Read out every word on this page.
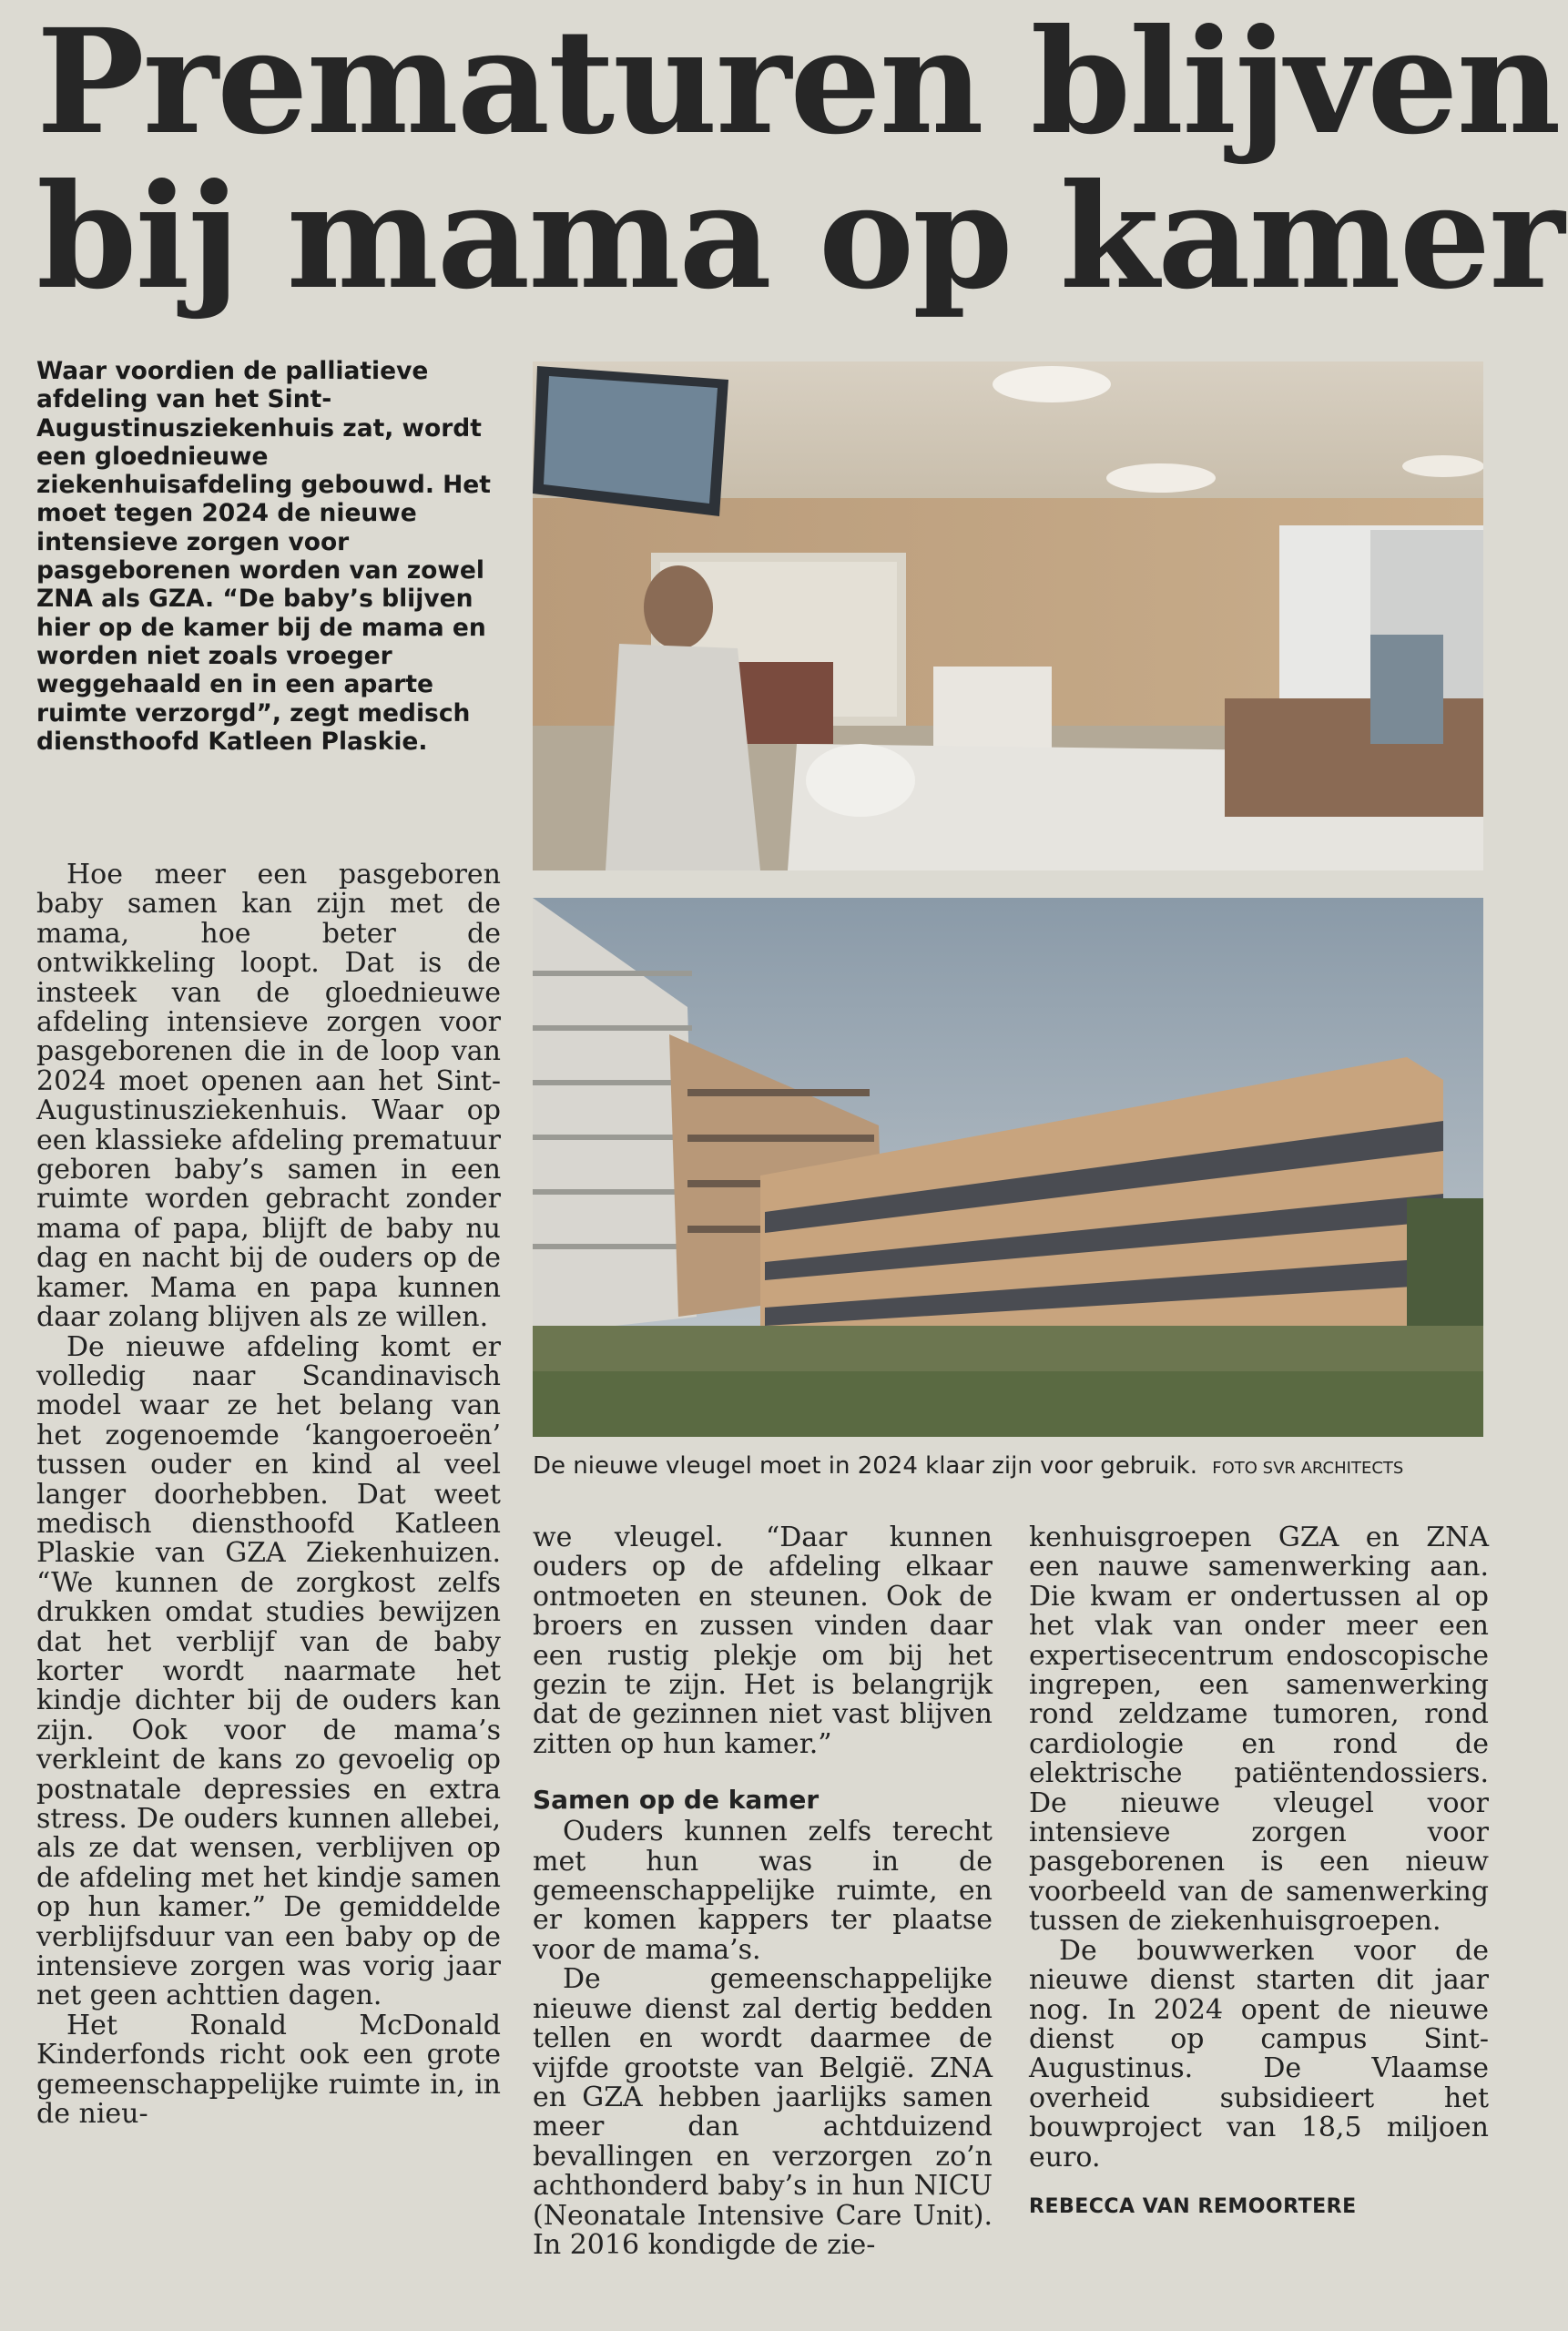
Prematuren blijven
bij mama op kamer

Waar voordien de palliatieve afdeling van het Sint-Augustinusziekenhuis zat, wordt een gloednieuwe ziekenhuisafdeling gebouwd. Het moet tegen 2024 de nieuwe intensieve zorgen voor pasgeborenen worden van zowel ZNA als GZA. “De baby’s blijven hier op de kamer bij de mama en worden niet zoals vroeger weggehaald en in een aparte ruimte verzorgd”, zegt medisch diensthoofd Katleen Plaskie.

De nieuwe vleugel moet in 2024 klaar zijn voor gebruik. FOTO SVR ARCHITECTS

Hoe meer een pasgeboren baby samen kan zijn met de mama, hoe beter de ontwikkeling loopt. Dat is de insteek van de gloednieuwe afdeling intensieve zorgen voor pasgeborenen die in de loop van 2024 moet openen aan het Sint-Augustinusziekenhuis. Waar op een klassieke afdeling prematuur geboren baby’s samen in een ruimte worden gebracht zonder mama of papa, blijft de baby nu dag en nacht bij de ouders op de kamer. Mama en papa kunnen daar zolang blijven als ze willen.

De nieuwe afdeling komt er volledig naar Scandinavisch model waar ze het belang van het zogenoemde ‘kangoeroeën’ tussen ouder en kind al veel langer doorhebben. Dat weet medisch diensthoofd Katleen Plaskie van GZA Ziekenhuizen. “We kunnen de zorgkost zelfs drukken omdat studies bewijzen dat het verblijf van de baby korter wordt naarmate het kindje dichter bij de ouders kan zijn. Ook voor de mama’s verkleint de kans zo gevoelig op postnatale depressies en extra stress. De ouders kunnen allebei, als ze dat wensen, verblijven op de afdeling met het kindje samen op hun kamer.” De gemiddelde verblijfsduur van een baby op de intensieve zorgen was vorig jaar net geen achttien dagen.

Het Ronald McDonald Kinderfonds richt ook een grote gemeenschappelijke ruimte in, in de nieu-

we vleugel. “Daar kunnen ouders op de afdeling elkaar ontmoeten en steunen. Ook de broers en zussen vinden daar een rustig plekje om bij het gezin te zijn. Het is belangrijk dat de gezinnen niet vast blijven zitten op hun kamer.”

Samen op de kamer

Ouders kunnen zelfs terecht met hun was in de gemeenschappelijke ruimte, en er komen kappers ter plaatse voor de mama’s.

De gemeenschappelijke nieuwe dienst zal dertig bedden tellen en wordt daarmee de vijfde grootste van België. ZNA en GZA hebben jaarlijks samen meer dan achtduizend bevallingen en verzorgen zo’n achthonderd baby’s in hun NICU (Neonatale Intensive Care Unit). In 2016 kondigde de zie-

kenhuisgroepen GZA en ZNA een nauwe samenwerking aan. Die kwam er ondertussen al op het vlak van onder meer een expertisecentrum endoscopische ingrepen, een samenwerking rond zeldzame tumoren, rond cardiologie en rond de elektrische patiëntendossiers. De nieuwe vleugel voor intensieve zorgen voor pasgeborenen is een nieuw voorbeeld van de samenwerking tussen de ziekenhuisgroepen.

De bouwwerken voor de nieuwe dienst starten dit jaar nog. In 2024 opent de nieuwe dienst op campus Sint-Augustinus. De Vlaamse overheid subsidieert het bouwproject van 18,5 miljoen euro.

REBECCA VAN REMOORTERE
